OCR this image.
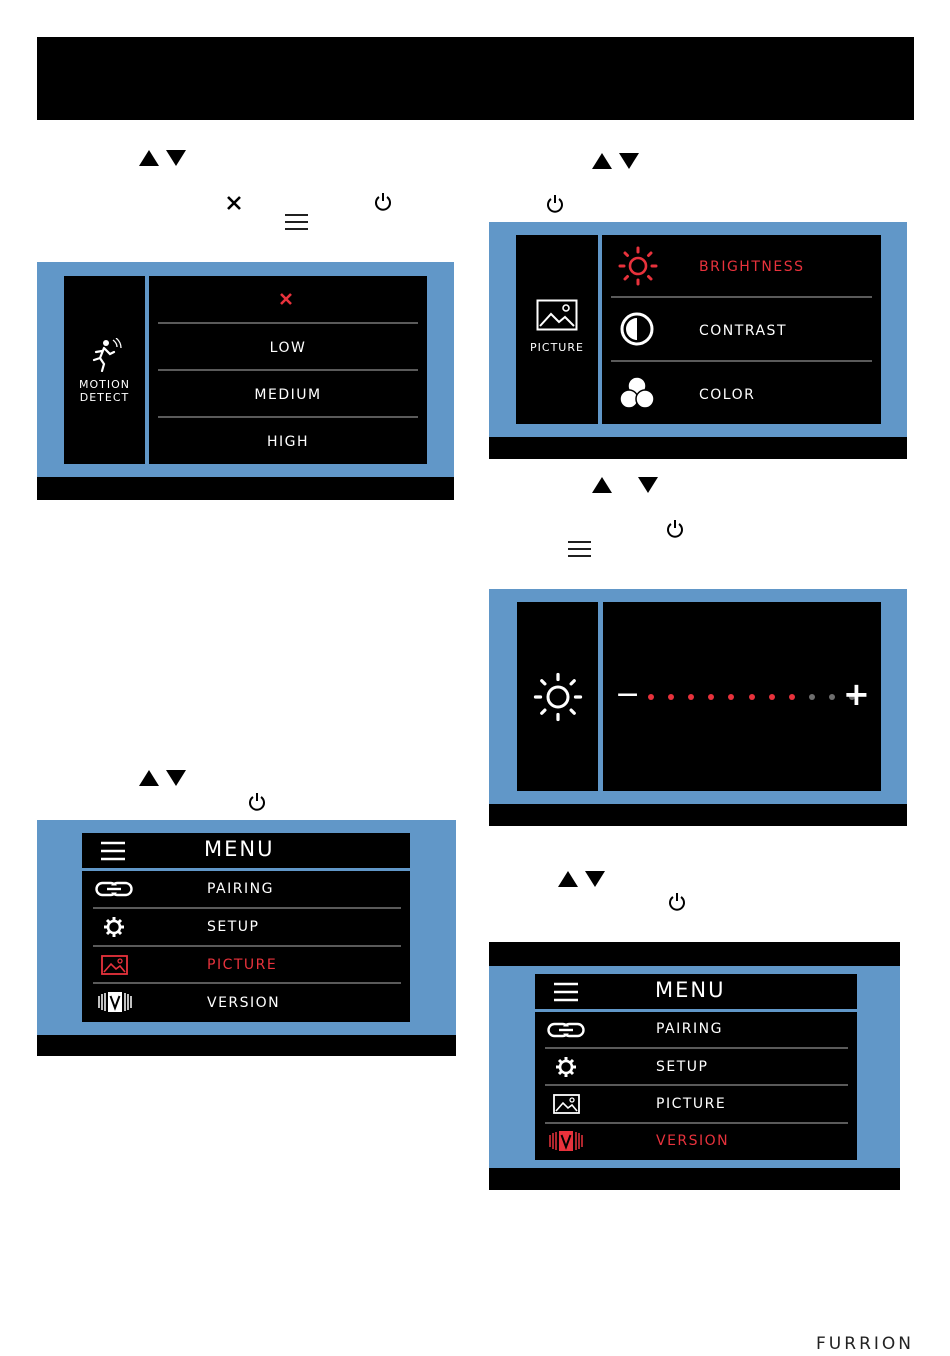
MOTION DETECT
LOW
MEDIUM
HIGH
PICTURE
BRIGHTNESS
CONTRAST
COLOR
−	+
MENU
PAIRING
SETUP
PICTURE
VERSION
MENU
PAIRING
SETUP
PICTURE
VERSION
FURRION
